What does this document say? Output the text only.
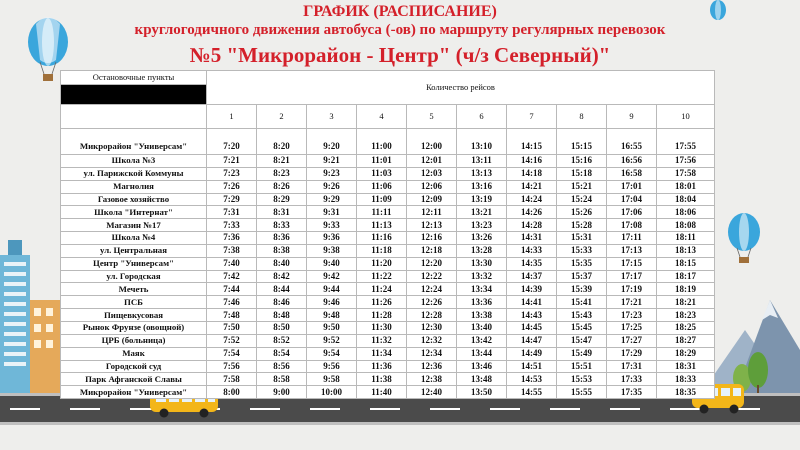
ГРАФИК (РАСПИСАНИЕ)
круглогодичного движения автобуса (-ов) по маршруту регулярных перевозок
№5 "Микрорайон - Центр" (ч/з Северный)"
Остановочные пункты	Количество рейсов									

	1	2	3	4	5	6	7	8	9	10
Микрорайон "Универсам"	7:20	8:20	9:20	11:00	12:00	13:10	14:15	15:15	16:55	17:55
Школа №3	7:21	8:21	9:21	11:01	12:01	13:11	14:16	15:16	16:56	17:56
ул. Парижской Коммуны	7:23	8:23	9:23	11:03	12:03	13:13	14:18	15:18	16:58	17:58
Магнолия	7:26	8:26	9:26	11:06	12:06	13:16	14:21	15:21	17:01	18:01
Газовое хозяйство	7:29	8:29	9:29	11:09	12:09	13:19	14:24	15:24	17:04	18:04
Школа "Интернат"	7:31	8:31	9:31	11:11	12:11	13:21	14:26	15:26	17:06	18:06
Магазин №17	7:33	8:33	9:33	11:13	12:13	13:23	14:28	15:28	17:08	18:08
Школа №4	7:36	8:36	9:36	11:16	12:16	13:26	14:31	15:31	17:11	18:11
ул. Центральная	7:38	8:38	9:38	11:18	12:18	13:28	14:33	15:33	17:13	18:13
Центр "Универсам"	7:40	8:40	9:40	11:20	12:20	13:30	14:35	15:35	17:15	18:15
ул. Городская	7:42	8:42	9:42	11:22	12:22	13:32	14:37	15:37	17:17	18:17
Мечеть	7:44	8:44	9:44	11:24	12:24	13:34	14:39	15:39	17:19	18:19
ПСБ	7:46	8:46	9:46	11:26	12:26	13:36	14:41	15:41	17:21	18:21
Пищевкусовая	7:48	8:48	9:48	11:28	12:28	13:38	14:43	15:43	17:23	18:23
Рынок Фрунзе (овощной)	7:50	8:50	9:50	11:30	12:30	13:40	14:45	15:45	17:25	18:25
ЦРБ (больница)	7:52	8:52	9:52	11:32	12:32	13:42	14:47	15:47	17:27	18:27
Маяк	7:54	8:54	9:54	11:34	12:34	13:44	14:49	15:49	17:29	18:29
Городской суд	7:56	8:56	9:56	11:36	12:36	13:46	14:51	15:51	17:31	18:31
Парк Афганской Славы	7:58	8:58	9:58	11:38	12:38	13:48	14:53	15:53	17:33	18:33
Микрорайон "Универсам"	8:00	9:00	10:00	11:40	12:40	13:50	14:55	15:55	17:35	18:35
